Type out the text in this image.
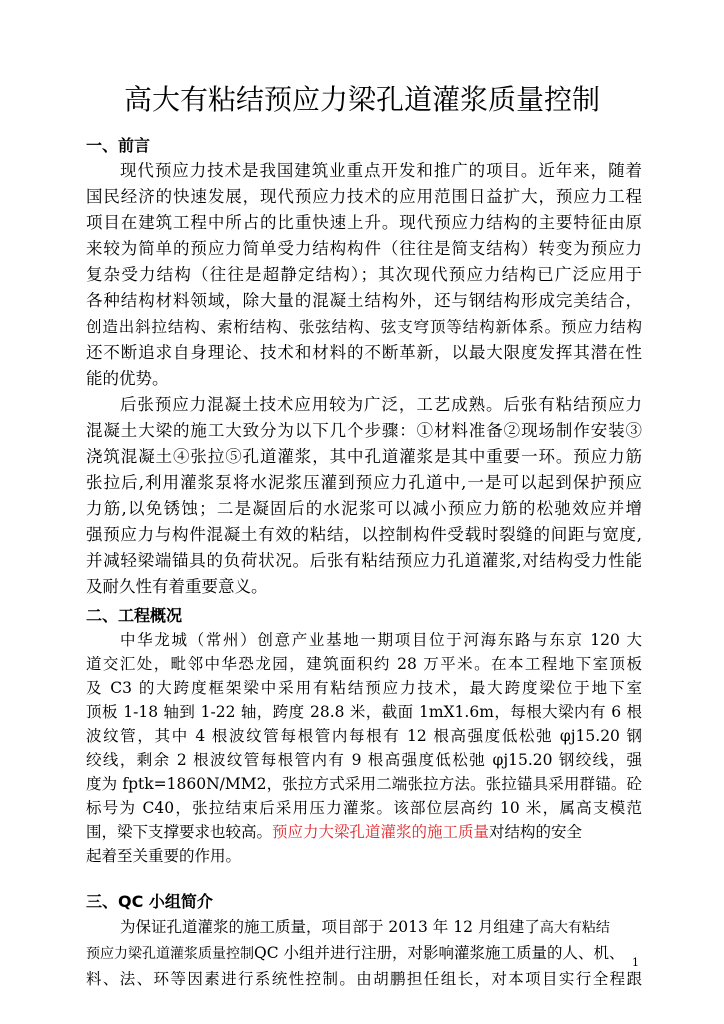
高大有粘结预应力梁孔道灌浆质量控制
一、前言
现代预应力技术是我国建筑业重点开发和推广的项目。近年来，随着
国民经济的快速发展，现代预应力技术的应用范围日益扩大，预应力工程
项目在建筑工程中所占的比重快速上升。现代预应力结构的主要特征由原
来较为简单的预应力简单受力结构构件（往往是简支结构）转变为预应力
复杂受力结构（往往是超静定结构）；其次现代预应力结构已广泛应用于
各种结构材料领域，除大量的混凝土结构外，还与钢结构形成完美结合，
创造出斜拉结构、索桁结构、张弦结构、弦支穹顶等结构新体系。预应力结构
还不断追求自身理论、技术和材料的不断革新，以最大限度发挥其潜在性
能的优势。
后张预应力混凝土技术应用较为广泛，工艺成熟。后张有粘结预应力
混凝土大梁的施工大致分为以下几个步骤：①材料准备②现场制作安装③
浇筑混凝土④张拉⑤孔道灌浆，其中孔道灌浆是其中重要一环。预应力筋
张拉后,利用灌浆泵将水泥浆压灌到预应力孔道中,一是可以起到保护预应
力筋,以免锈蚀；二是凝固后的水泥浆可以减小预应力筋的松驰效应并增
强预应力与构件混凝土有效的粘结，以控制构件受载时裂缝的间距与宽度,
并减轻梁端锚具的负荷状况。后张有粘结预应力孔道灌浆,对结构受力性能
及耐久性有着重要意义。
二、工程概况
中华龙城（常州）创意产业基地一期项目位于河海东路与东京 120 大
道交汇处，毗邻中华恐龙园，建筑面积约 28 万平米。在本工程地下室顶板
及 C3 的大跨度框架梁中采用有粘结预应力技术，最大跨度梁位于地下室
顶板 1-18 轴到 1-22 轴，跨度 28.8 米，截面 1mX1.6m，每根大梁内有 6 根
波纹管，其中 4 根波纹管每根管内每根有 12 根高强度低松弛 φj15.20 钢
绞线，剩余 2 根波纹管每根管内有 9 根高强度低松弛 φj15.20 钢绞线，强
度为 fptk=1860N/MM2，张拉方式采用二端张拉方法。张拉锚具采用群锚。砼
标号为 C40，张拉结束后采用压力灌浆。该部位层高约 10 米，属高支模范
围，梁下支撑要求也较高。预应力大梁孔道灌浆的施工质量对结构的安全
起着至关重要的作用。
三、QC 小组简介
为保证孔道灌浆的施工质量，项目部于 2013 年 12 月组建了高大有粘结
预应力梁孔道灌浆质量控制QC 小组并进行注册，对影响灌浆施工质量的人、机、
料、法、环等因素进行系统性控制。由胡鹏担任组长，对本项目实行全程跟
1
